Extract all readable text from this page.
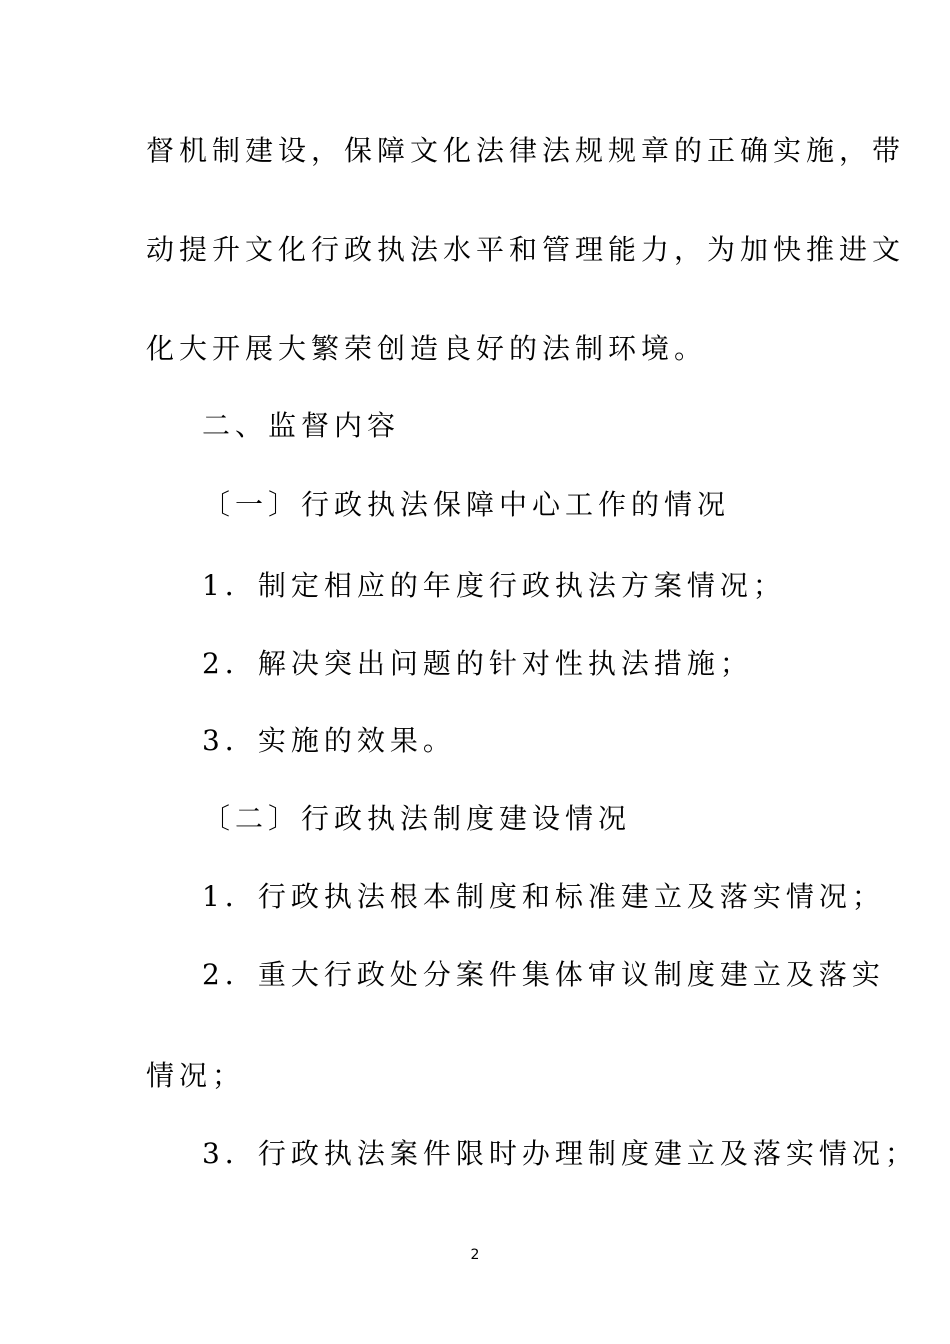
督机制建设，保障文化法律法规规章的正确实施，带
动提升文化行政执法水平和管理能力，为加快推进文
化大开展大繁荣创造良好的法制环境。
二、监督内容
〔一〕行政执法保障中心工作的情况
1．制定相应的年度行政执法方案情况；
2．解决突出问题的针对性执法措施；
3．实施的效果。
〔二〕行政执法制度建设情况
1．行政执法根本制度和标准建立及落实情况；
2．重大行政处分案件集体审议制度建立及落实
情况；
3．行政执法案件限时办理制度建立及落实情况；
2
